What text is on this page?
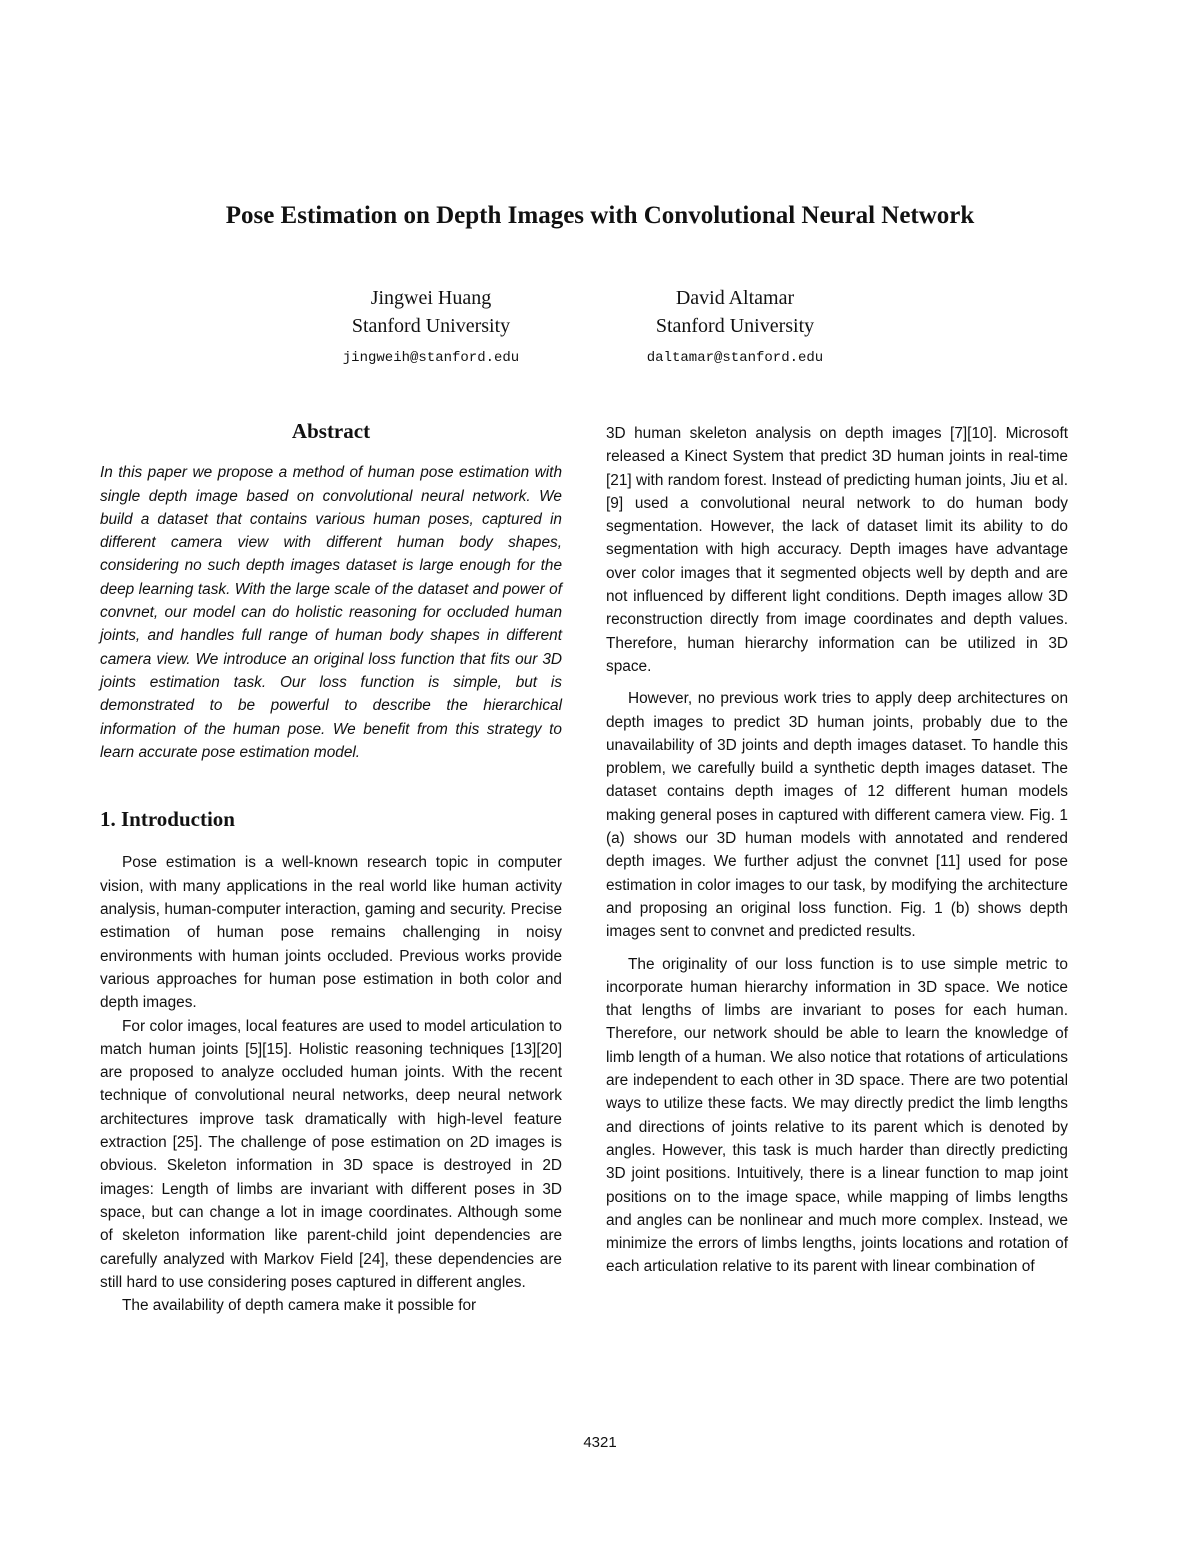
Pose Estimation on Depth Images with Convolutional Neural Network
Jingwei Huang
Stanford University
jingweih@stanford.edu
David Altamar
Stanford University
daltamar@stanford.edu
Abstract

In this paper we propose a method of human pose estimation with single depth image based on convolutional neural network. We build a dataset that contains various human poses, captured in different camera view with different human body shapes, considering no such depth images dataset is large enough for the deep learning task. With the large scale of the dataset and power of convnet, our model can do holistic reasoning for occluded human joints, and handles full range of human body shapes in different camera view. We introduce an original loss function that fits our 3D joints estimation task. Our loss function is simple, but is demonstrated to be powerful to describe the hierarchical information of the human pose. We benefit from this strategy to learn accurate pose estimation model.

1. Introduction

Pose estimation is a well-known research topic in computer vision, with many applications in the real world like human activity analysis, human-computer interaction, gaming and security. Precise estimation of human pose remains challenging in noisy environments with human joints occluded. Previous works provide various approaches for human pose estimation in both color and depth images.

For color images, local features are used to model articulation to match human joints [5][15]. Holistic reasoning techniques [13][20] are proposed to analyze occluded human joints. With the recent technique of convolutional neural networks, deep neural network architectures improve task dramatically with high-level feature extraction [25]. The challenge of pose estimation on 2D images is obvious. Skeleton information in 3D space is destroyed in 2D images: Length of limbs are invariant with different poses in 3D space, but can change a lot in image coordinates. Although some of skeleton information like parent-child joint dependencies are carefully analyzed with Markov Field [24], these dependencies are still hard to use considering poses captured in different angles.

The availability of depth camera make it possible for

3D human skeleton analysis on depth images [7][10]. Microsoft released a Kinect System that predict 3D human joints in real-time [21] with random forest. Instead of predicting human joints, Jiu et al. [9] used a convolutional neural network to do human body segmentation. However, the lack of dataset limit its ability to do segmentation with high accuracy. Depth images have advantage over color images that it segmented objects well by depth and are not influenced by different light conditions. Depth images allow 3D reconstruction directly from image coordinates and depth values. Therefore, human hierarchy information can be utilized in 3D space.

However, no previous work tries to apply deep architectures on depth images to predict 3D human joints, probably due to the unavailability of 3D joints and depth images dataset. To handle this problem, we carefully build a synthetic depth images dataset. The dataset contains depth images of 12 different human models making general poses in captured with different camera view. Fig. 1 (a) shows our 3D human models with annotated and rendered depth images. We further adjust the convnet [11] used for pose estimation in color images to our task, by modifying the architecture and proposing an original loss function. Fig. 1 (b) shows depth images sent to convnet and predicted results.

The originality of our loss function is to use simple metric to incorporate human hierarchy information in 3D space. We notice that lengths of limbs are invariant to poses for each human. Therefore, our network should be able to learn the knowledge of limb length of a human. We also notice that rotations of articulations are independent to each other in 3D space. There are two potential ways to utilize these facts. We may directly predict the limb lengths and directions of joints relative to its parent which is denoted by angles. However, this task is much harder than directly predicting 3D joint positions. Intuitively, there is a linear function to map joint positions on to the image space, while mapping of limbs lengths and angles can be nonlinear and much more complex. Instead, we minimize the errors of limbs lengths, joints locations and rotation of each articulation relative to its parent with linear combination of

4321
